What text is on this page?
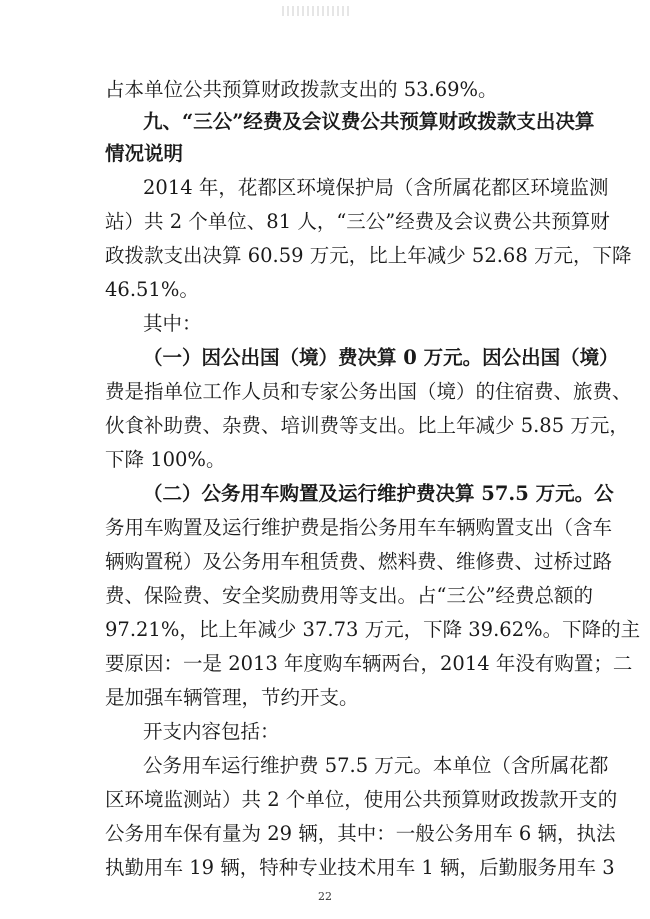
占本单位公共预算财政拨款支出的 53.69%。
九、“三公”经费及会议费公共预算财政拨款支出决算
情况说明
2014 年，花都区环境保护局（含所属花都区环境监测
站）共 2 个单位、81 人，“三公”经费及会议费公共预算财
政拨款支出决算 60.59 万元，比上年减少 52.68 万元，下降
46.51%。
其中：
（一）因公出国（境）费决算 0 万元。因公出国（境）
费是指单位工作人员和专家公务出国（境）的住宿费、旅费、
伙食补助费、杂费、培训费等支出。比上年减少 5.85 万元，
下降 100%。
（二）公务用车购置及运行维护费决算 57.5 万元。公
务用车购置及运行维护费是指公务用车车辆购置支出（含车
辆购置税）及公务用车租赁费、燃料费、维修费、过桥过路
费、保险费、安全奖励费用等支出。占“三公”经费总额的
97.21%，比上年减少 37.73 万元，下降 39.62%。下降的主
要原因：一是 2013 年度购车辆两台，2014 年没有购置；二
是加强车辆管理，节约开支。
开支内容包括：
公务用车运行维护费 57.5 万元。本单位（含所属花都
区环境监测站）共 2 个单位，使用公共预算财政拨款开支的
公务用车保有量为 29 辆，其中：一般公务用车 6 辆，执法
执勤用车 19 辆，特种专业技术用车 1 辆，后勤服务用车 3
22
